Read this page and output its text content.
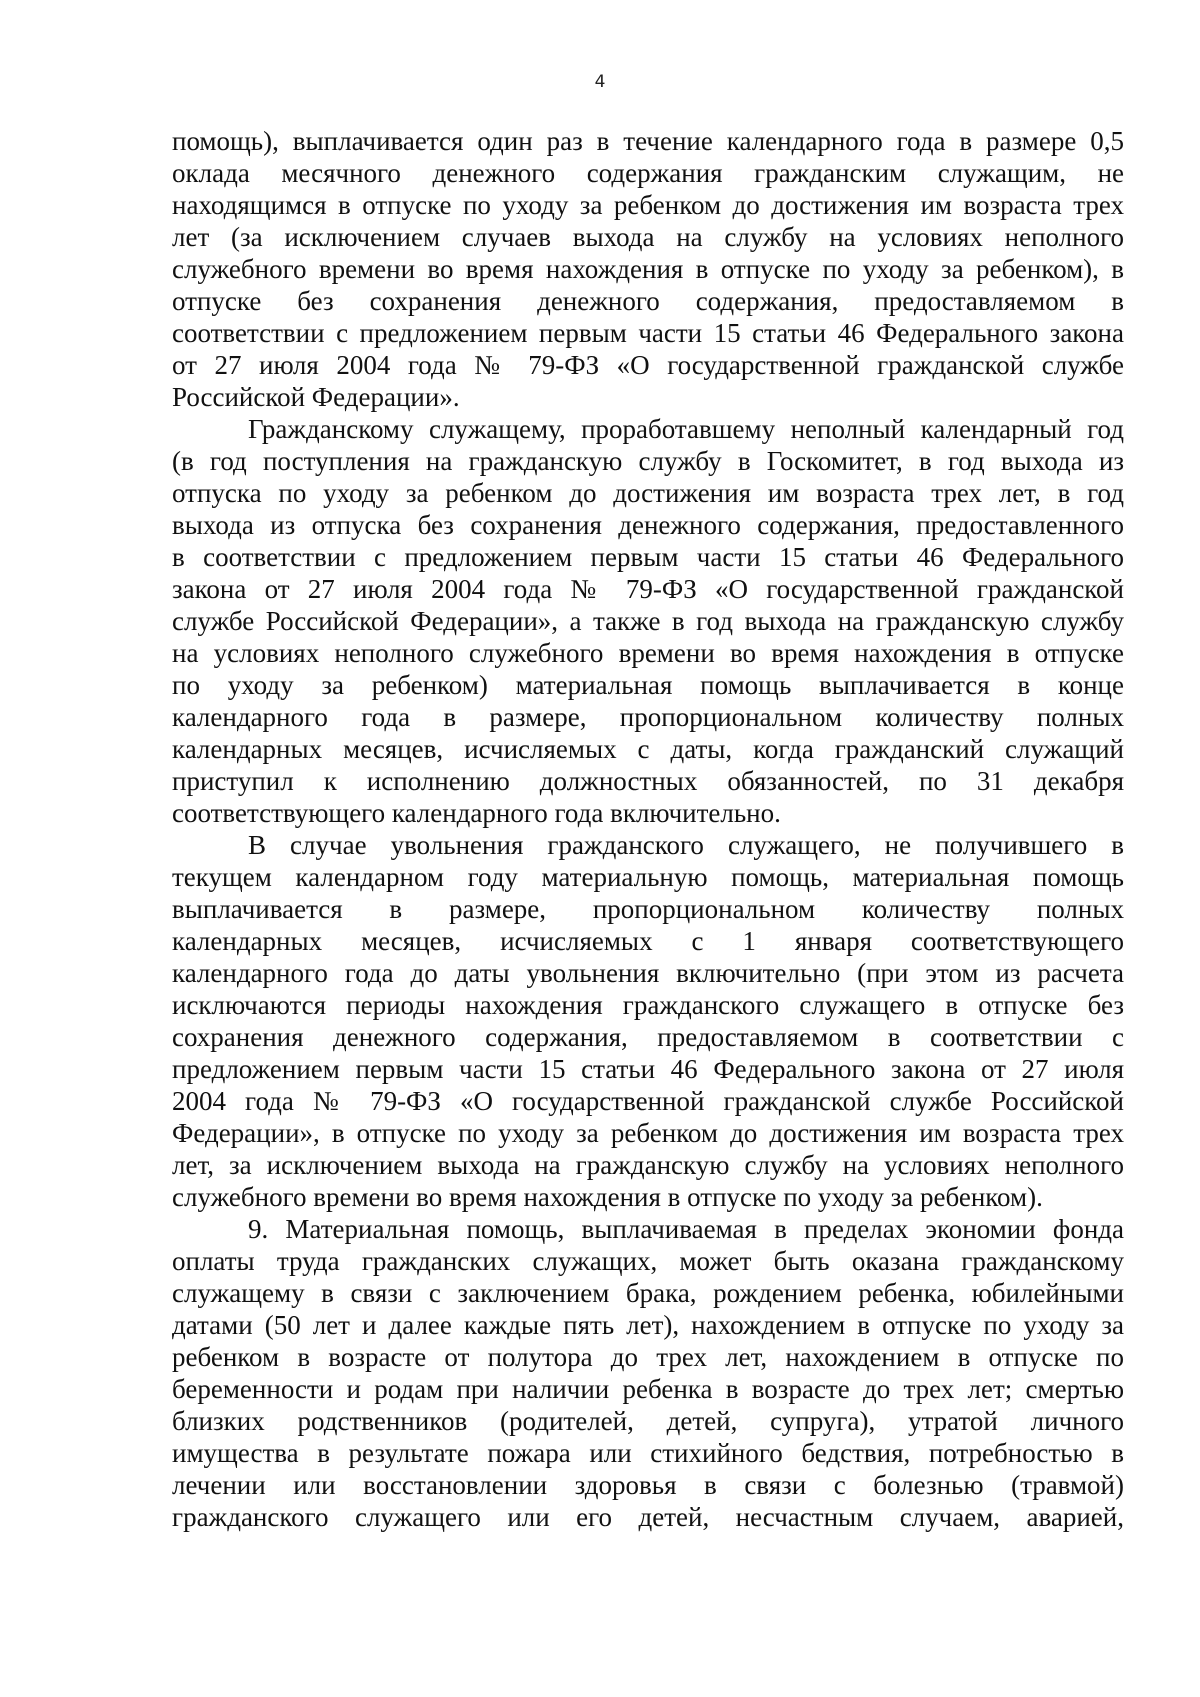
4

помощь), выплачивается один раз в течение календарного года в размере 0,5
оклада месячного денежного содержания гражданским служащим, не
находящимся в отпуске по уходу за ребенком до достижения им возраста трех
лет (за исключением случаев выхода на службу на условиях неполного
служебного времени во время нахождения в отпуске по уходу за ребенком), в
отпуске без сохранения денежного содержания, предоставляемом в
соответствии с предложением первым части 15 статьи 46 Федерального закона
от 27 июля 2004 года № 79-ФЗ «О государственной гражданской службе
Российской Федерации».

Гражданскому служащему, проработавшему неполный календарный год
(в год поступления на гражданскую службу в Госкомитет, в год выхода из
отпуска по уходу за ребенком до достижения им возраста трех лет, в год
выхода из отпуска без сохранения денежного содержания, предоставленного
в соответствии с предложением первым части 15 статьи 46 Федерального
закона от 27 июля 2004 года № 79-ФЗ «О государственной гражданской
службе Российской Федерации», а также в год выхода на гражданскую службу
на условиях неполного служебного времени во время нахождения в отпуске
по уходу за ребенком) материальная помощь выплачивается в конце
календарного года в размере, пропорциональном количеству полных
календарных месяцев, исчисляемых с даты, когда гражданский служащий
приступил к исполнению должностных обязанностей, по 31 декабря
соответствующего календарного года включительно.

В случае увольнения гражданского служащего, не получившего в
текущем календарном году материальную помощь, материальная помощь
выплачивается в размере, пропорциональном количеству полных
календарных месяцев, исчисляемых с 1 января соответствующего
календарного года до даты увольнения включительно (при этом из расчета
исключаются периоды нахождения гражданского служащего в отпуске без
сохранения денежного содержания, предоставляемом в соответствии с
предложением первым части 15 статьи 46 Федерального закона от 27 июля
2004 года № 79-ФЗ «О государственной гражданской службе Российской
Федерации», в отпуске по уходу за ребенком до достижения им возраста трех
лет, за исключением выхода на гражданскую службу на условиях неполного
служебного времени во время нахождения в отпуске по уходу за ребенком).

9. Материальная помощь, выплачиваемая в пределах экономии фонда
оплаты труда гражданских служащих, может быть оказана гражданскому
служащему в связи с заключением брака, рождением ребенка, юбилейными
датами (50 лет и далее каждые пять лет), нахождением в отпуске по уходу за
ребенком в возрасте от полутора до трех лет, нахождением в отпуске по
беременности и родам при наличии ребенка в возрасте до трех лет; смертью
близких родственников (родителей, детей, супруга), утратой личного
имущества в результате пожара или стихийного бедствия, потребностью в
лечении или восстановлении здоровья в связи с болезнью (травмой)
гражданского служащего или его детей, несчастным случаем, аварией,
